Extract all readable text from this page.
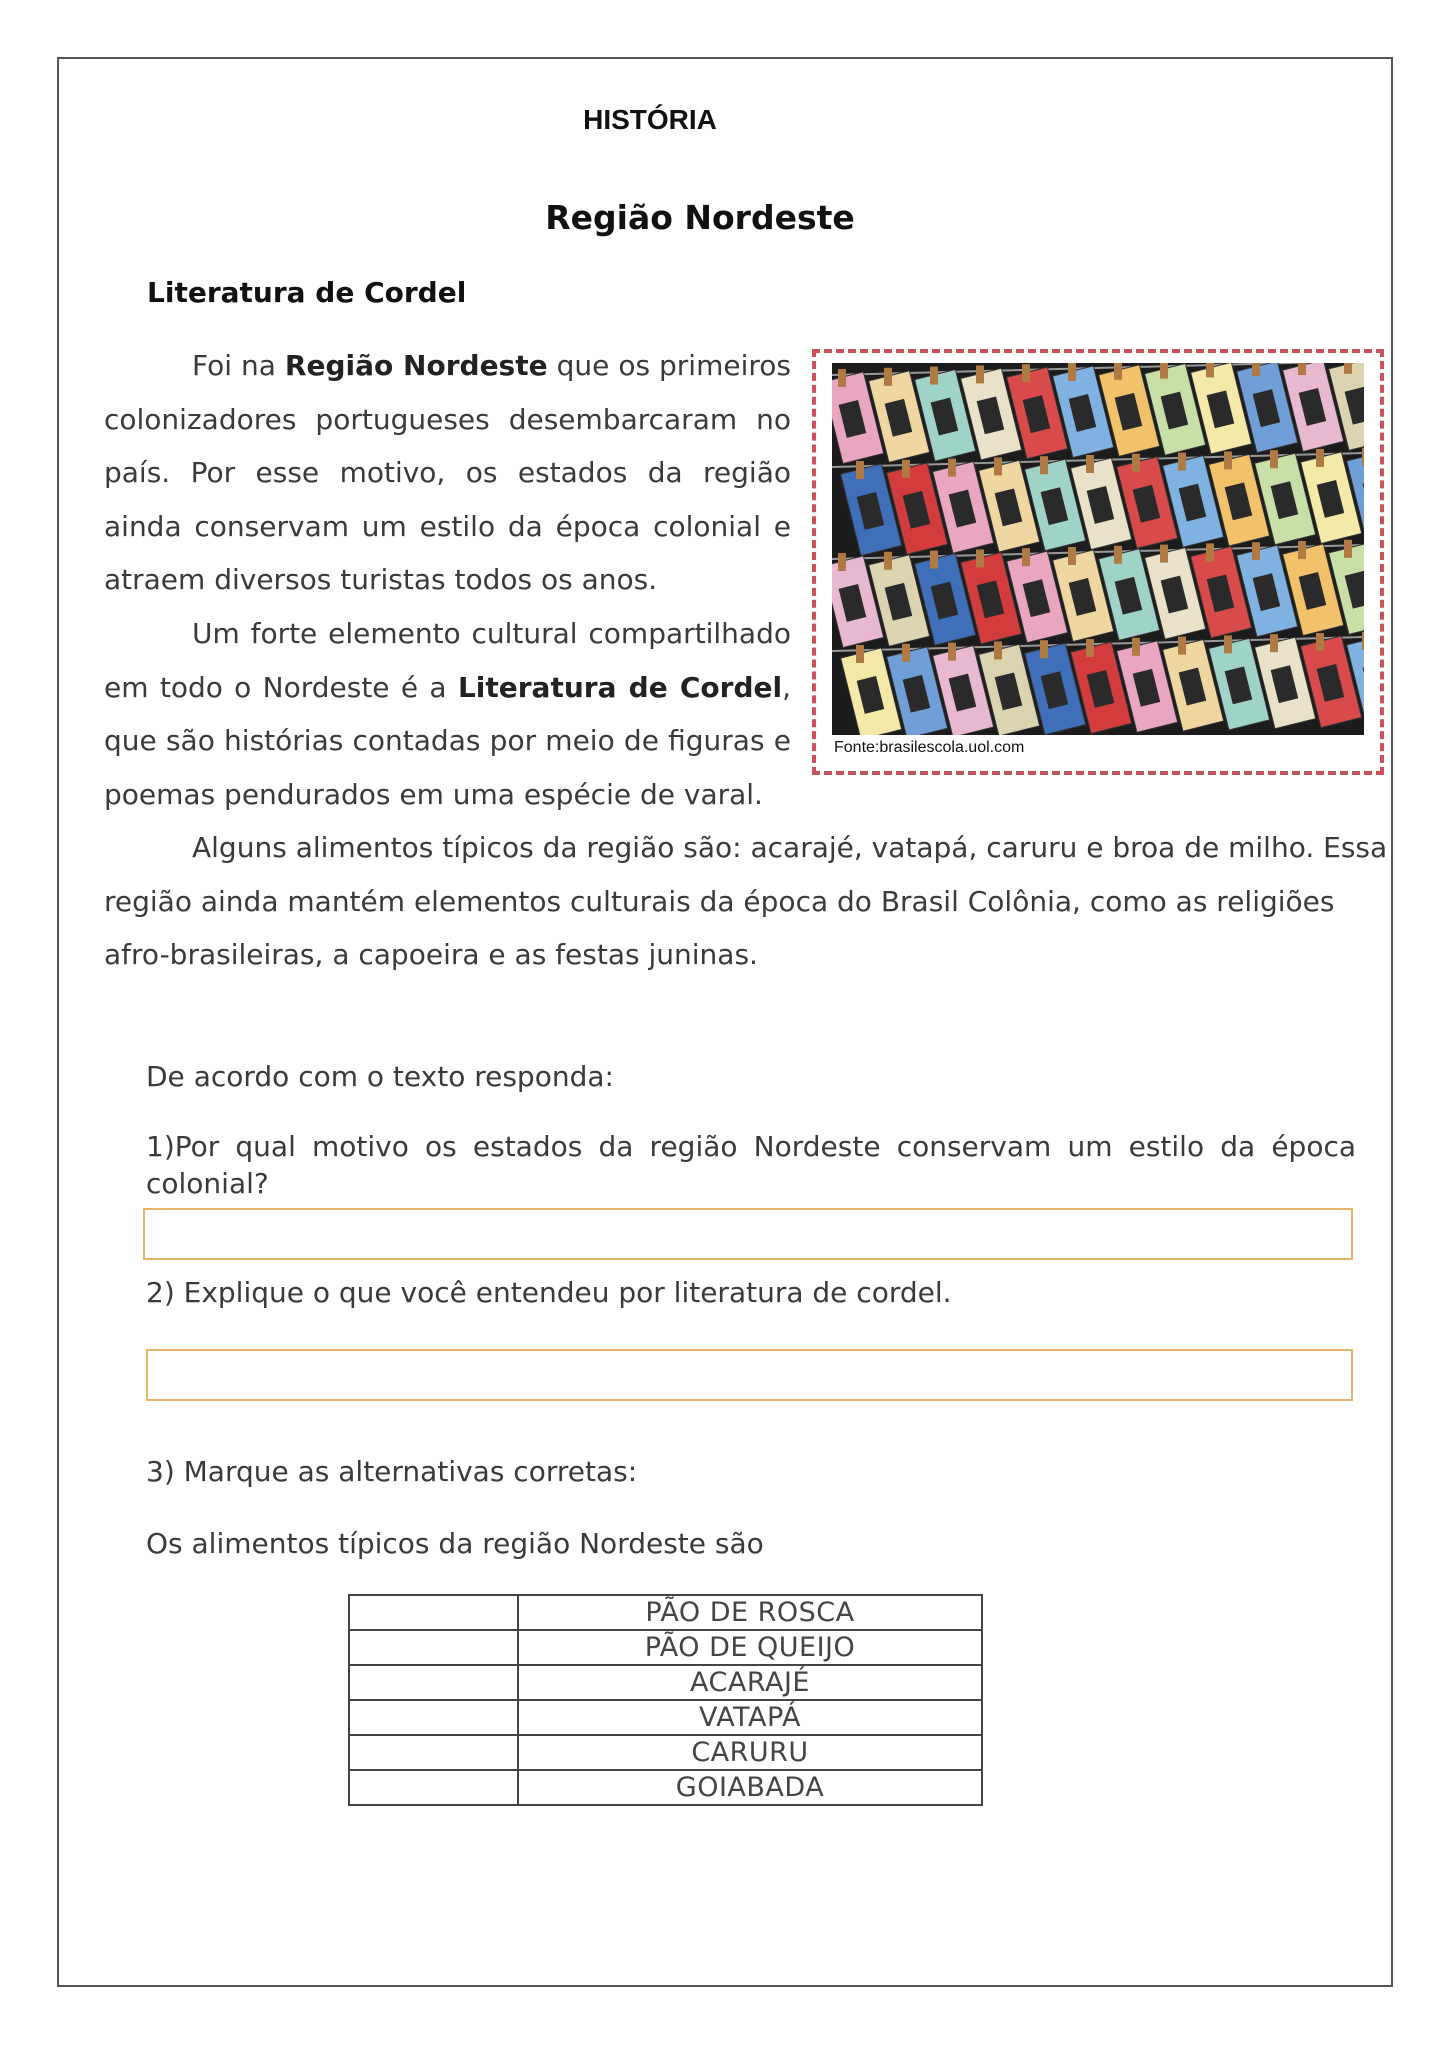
HISTÓRIA
Região Nordeste
Literatura de Cordel

Foi na Região Nordeste que os primeiros colonizadores portugueses desembarcaram no país. Por esse motivo, os estados da região ainda conservam um estilo da época colonial e atraem diversos turistas todos os anos.

Um forte elemento cultural compartilhado em todo o Nordeste é a Literatura de Cordel, que são histórias contadas por meio de figuras e poemas pendurados em uma espécie de varal.

Alguns alimentos típicos da região são: acarajé, vatapá, caruru e broa de milho. Essa
região ainda mantém elementos culturais da época do Brasil Colônia, como as religiões
afro-brasileiras, a capoeira e as festas juninas.
Fonte:brasilescola.uol.com
De acordo com o texto responda:
1)Por qual motivo os estados da região Nordeste conservam um estilo da época colonial?
2) Explique o que você entendeu por literatura de cordel.
3) Marque as alternativas corretas:
Os alimentos típicos da região Nordeste são
	PÃO DE ROSCA
	PÃO DE QUEIJO
	ACARAJÉ
	VATAPÁ
	CARURU
	GOIABADA
